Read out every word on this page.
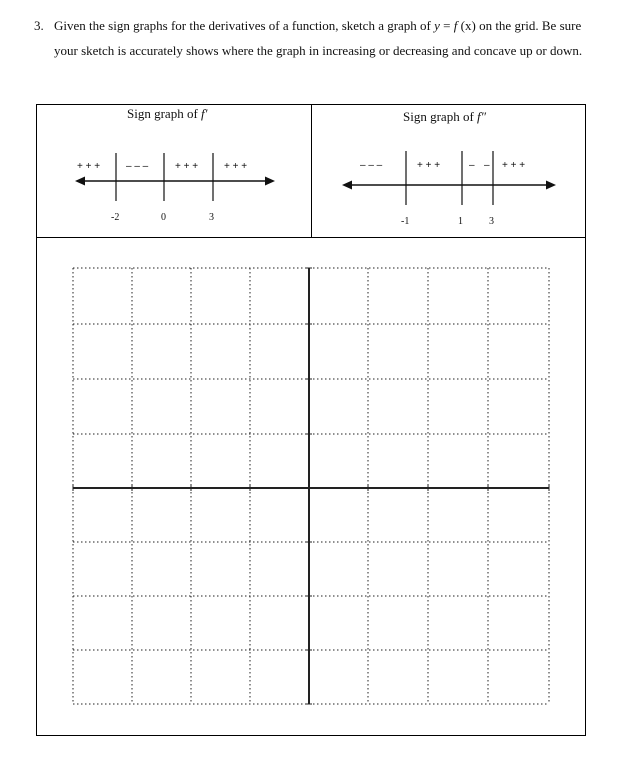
3. Given the sign graphs for the derivatives of a function, sketch a graph of y = f (x) on the grid. Be sure your sketch is accurately shows where the graph in increasing or decreasing and concave up or down.
Sign graph of f′	Sign graph of f″
+ + +	– – –	+ + +	+ + +
-2	0	3
– – –	+ + +	– – + + +
-1	1	3
